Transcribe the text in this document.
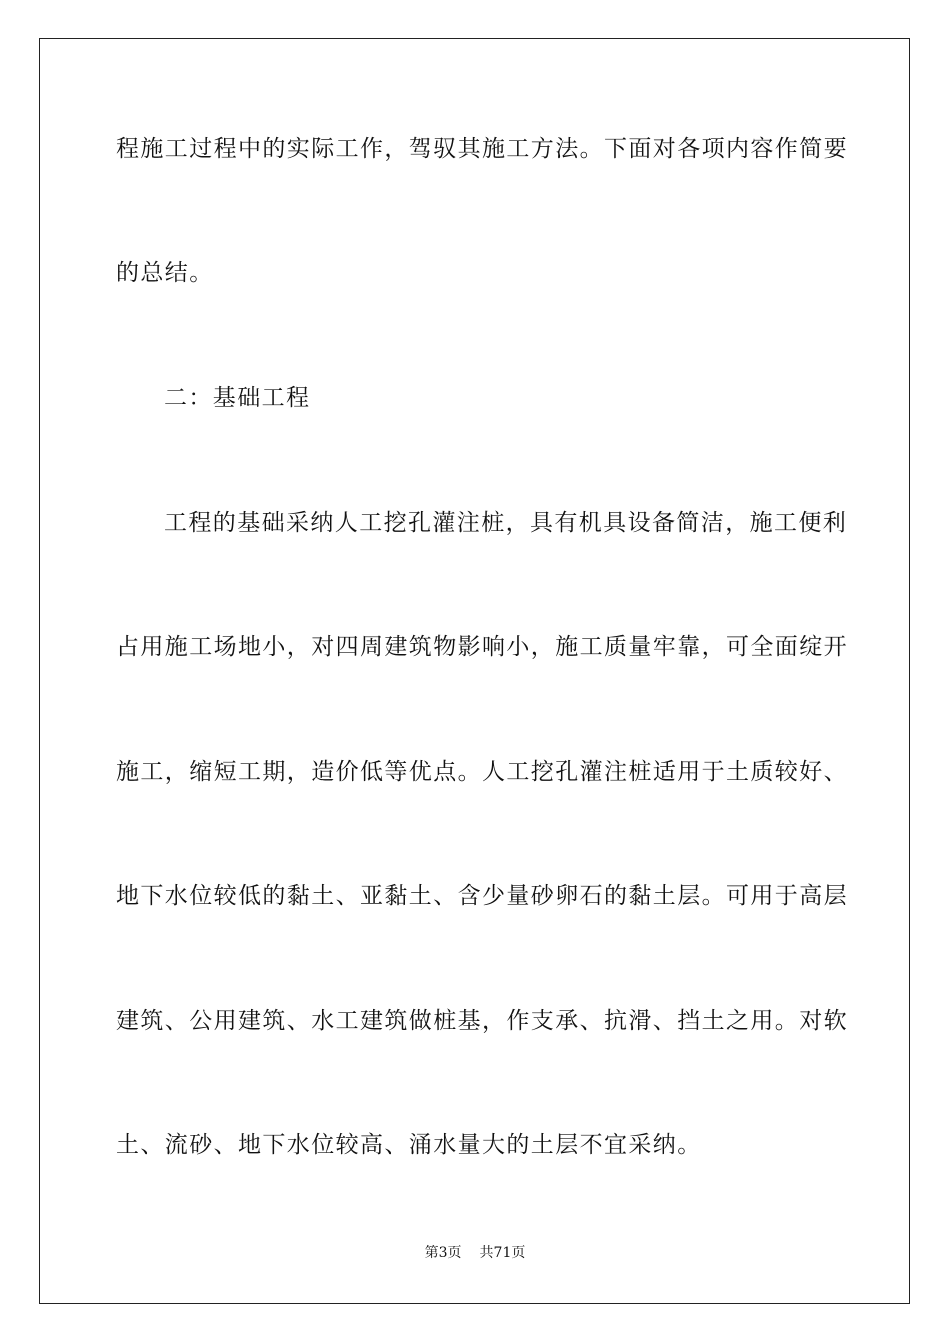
程施工过程中的实际工作，驾驭其施工方法。下面对各项内容作简要
的总结。
二：基础工程
工程的基础采纳人工挖孔灌注桩，具有机具设备简洁，施工便利
占用施工场地小，对四周建筑物影响小，施工质量牢靠，可全面绽开
施工，缩短工期，造价低等优点。人工挖孔灌注桩适用于土质较好、
地下水位较低的黏土、亚黏土、含少量砂卵石的黏土层。可用于高层
建筑、公用建筑、水工建筑做桩基，作支承、抗滑、挡土之用。对软
土、流砂、地下水位较高、涌水量大的土层不宜采纳。
第3页 共71页
